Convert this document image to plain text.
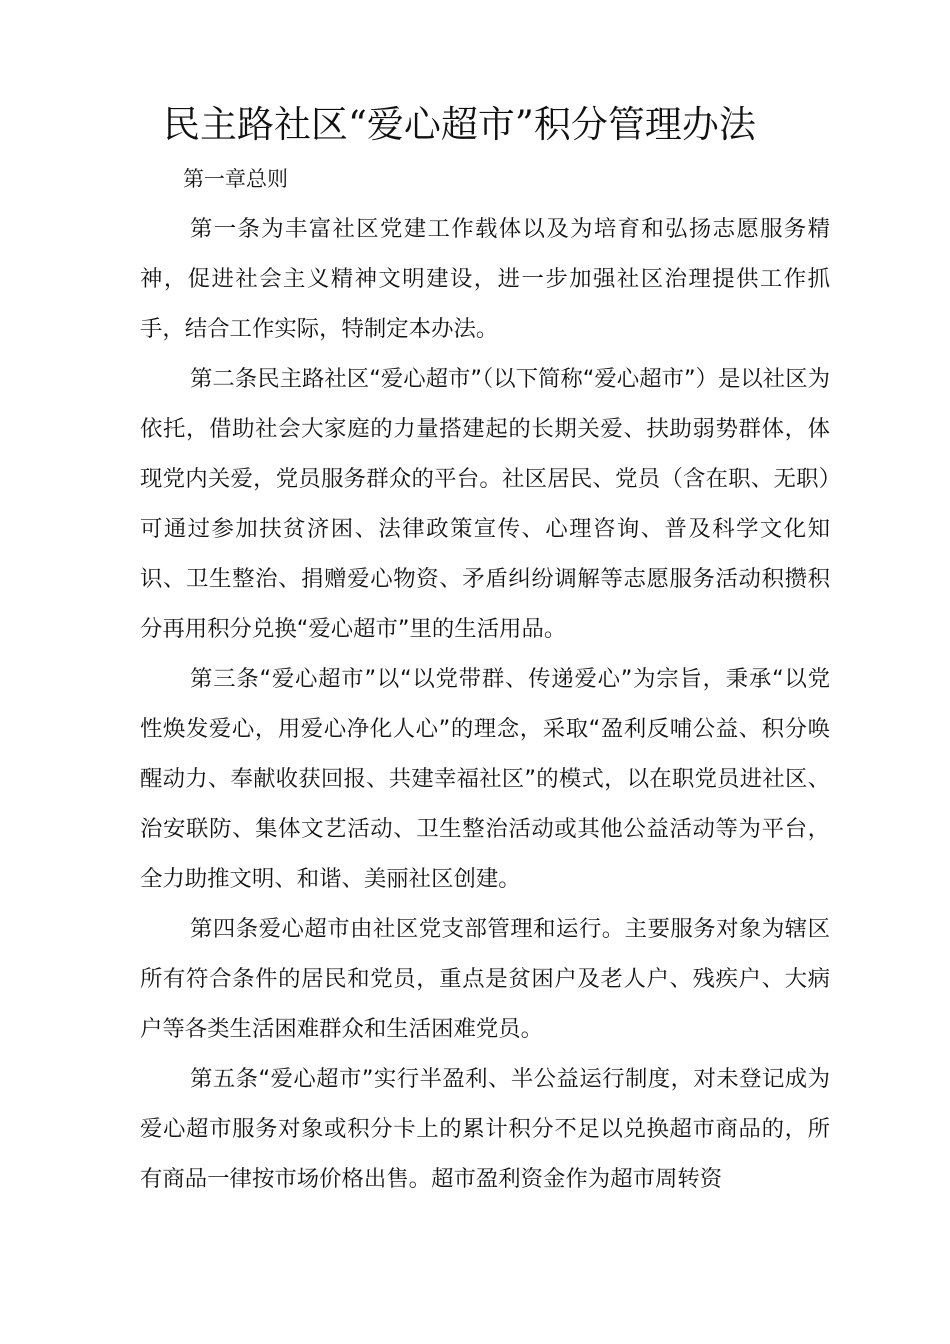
民主路社区“爱心超市”积分管理办法
第一章总则

第一条为丰富社区党建工作载体以及为培育和弘扬志愿服务精神，促进社会主义精神文明建设，进一步加强社区治理提供工作抓手，结合工作实际，特制定本办法。

第二条民主路社区“爱心超市”（以下简称“爱心超市”）是以社区为依托，借助社会大家庭的力量搭建起的长期关爱、扶助弱势群体，体现党内关爱，党员服务群众的平台。社区居民、党员（含在职、无职）可通过参加扶贫济困、法律政策宣传、心理咨询、普及科学文化知识、卫生整治、捐赠爱心物资、矛盾纠纷调解等志愿服务活动积攒积分再用积分兑换“爱心超市”里的生活用品。

第三条“爱心超市”以“以党带群、传递爱心”为宗旨，秉承“以党性焕发爱心，用爱心净化人心”的理念，采取“盈利反哺公益、积分唤醒动力、奉献收获回报、共建幸福社区”的模式，以在职党员进社区、治安联防、集体文艺活动、卫生整治活动或其他公益活动等为平台，全力助推文明、和谐、美丽社区创建。

第四条爱心超市由社区党支部管理和运行。主要服务对象为辖区所有符合条件的居民和党员，重点是贫困户及老人户、残疾户、大病户等各类生活困难群众和生活困难党员。

第五条“爱心超市”实行半盈利、半公益运行制度，对未登记成为爱心超市服务对象或积分卡上的累计积分不足以兑换超市商品的，所有商品一律按市场价格出售。超市盈利资金作为超市周转资
